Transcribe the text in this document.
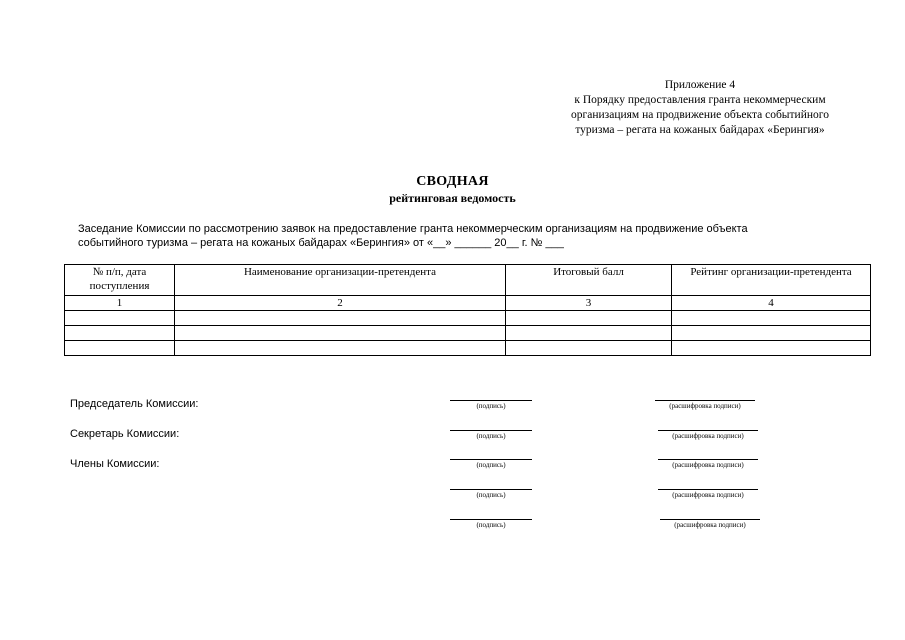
Приложение 4
к Порядку предоставления гранта некоммерческим
организациям на продвижение объекта событийного
туризма – регата на кожаных байдарах «Берингия»
СВОДНАЯ
рейтинговая ведомость
Заседание Комиссии по рассмотрению заявок на предоставление гранта некоммерческим организациям на продвижение объекта
событийного туризма – регата на кожаных байдарах «Берингия» от «__» ______ 20__ г. № ___
№ п/п, дата поступления	Наименование организации-претендента	Итоговый балл	Рейтинг организации-претендента
1	2	3	4

Председатель Комиссии:
Секретарь Комиссии:
Члены Комиссии:
(подпись)	(расшифровка подписи)
(подпись)	(расшифровка подписи)
(подпись)	(расшифровка подписи)
(подпись)	(расшифровка подписи)
(подпись)	(расшифровка подписи)
